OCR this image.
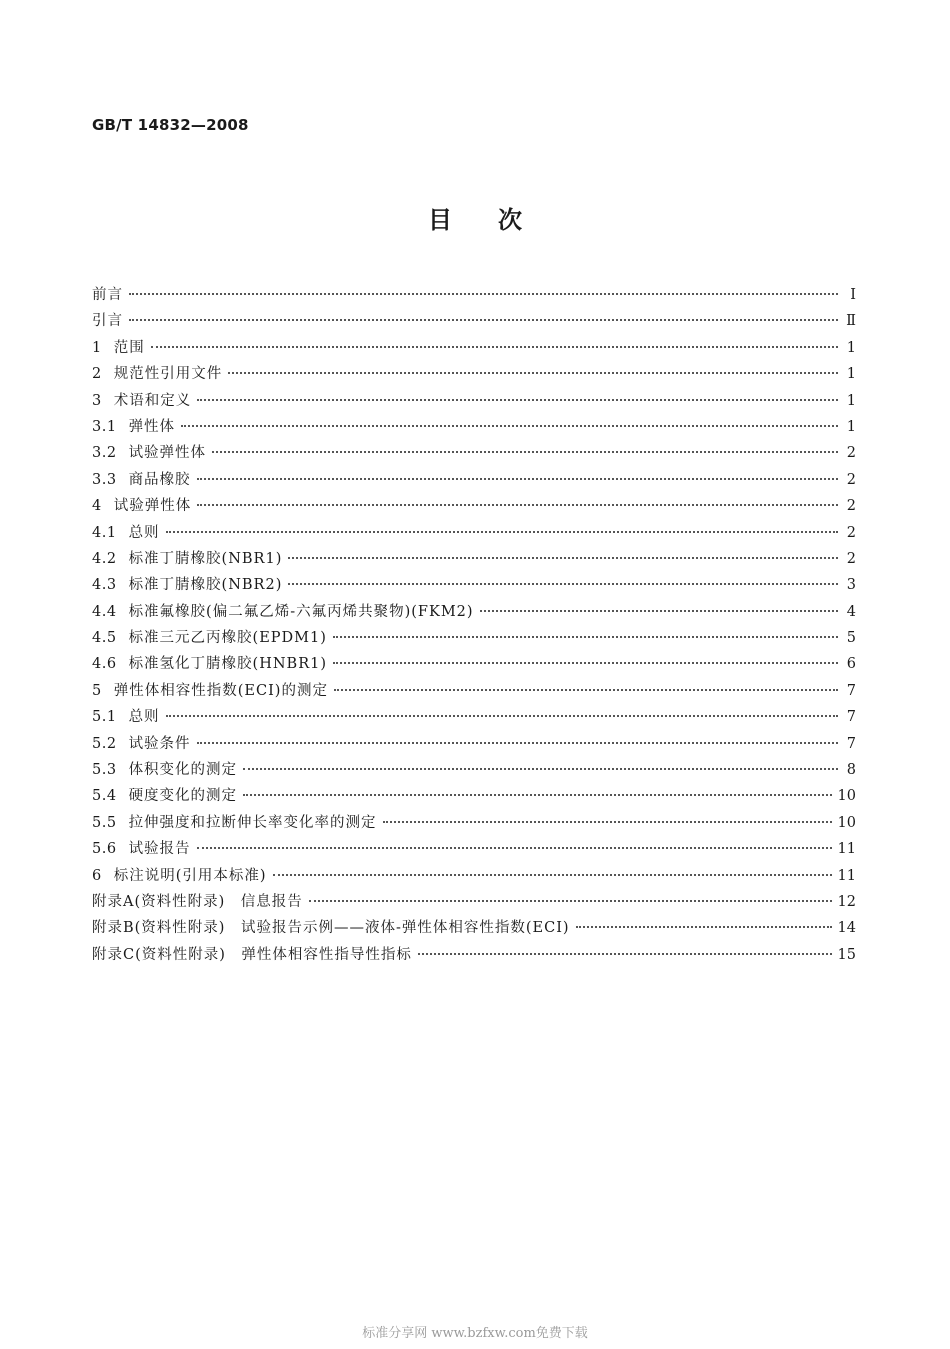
GB/T 14832—2008
目次
前言	Ⅰ
引言	Ⅱ
1 范围	1
2 规范性引用文件	1
3 术语和定义	1
3.1 弹性体	1
3.2 试验弹性体	2
3.3 商品橡胶	2
4 试验弹性体	2
4.1 总则	2
4.2 标准丁腈橡胶(NBR1)	2
4.3 标准丁腈橡胶(NBR2)	3
4.4 标准氟橡胶(偏二氟乙烯-六氟丙烯共聚物)(FKM2)	4
4.5 标准三元乙丙橡胶(EPDM1)	5
4.6 标准氢化丁腈橡胶(HNBR1)	6
5 弹性体相容性指数(ECI)的测定	7
5.1 总则	7
5.2 试验条件	7
5.3 体积变化的测定	8
5.4 硬度变化的测定	10
5.5 拉伸强度和拉断伸长率变化率的测定	10
5.6 试验报告	11
6 标注说明(引用本标准)	11
附录A(资料性附录)　信息报告	12
附录B(资料性附录)　试验报告示例——液体-弹性体相容性指数(ECI)	14
附录C(资料性附录)　弹性体相容性指导性指标	15
标准分享网 www.bzfxw.com免费下载
